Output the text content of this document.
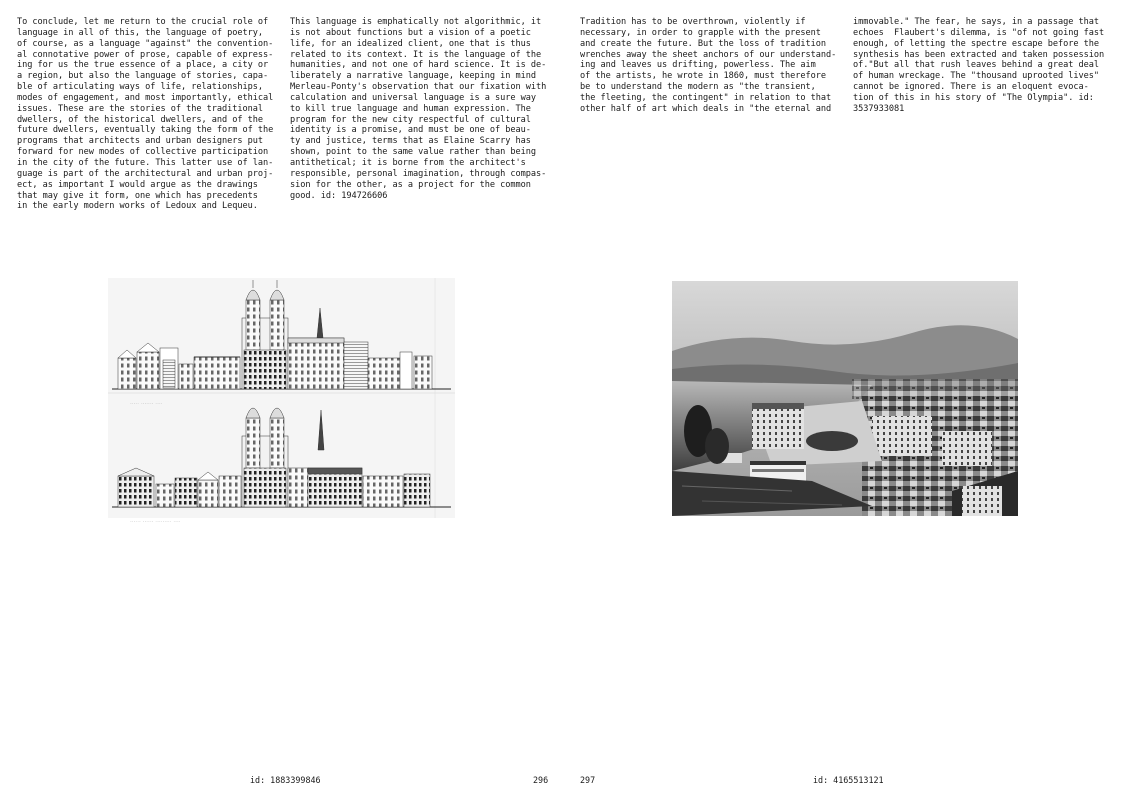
To conclude, let me return to the crucial role of
language in all of this, the language of poetry,
of course, as a language "against" the convention-
al connotative power of prose, capable of express-
ing for us the true essence of a place, a city or
a region, but also the language of stories, capa-
ble of articulating ways of life, relationships,
modes of engagement, and most importantly, ethical
issues. These are the stories of the traditional
dwellers, of the historical dwellers, and of the
future dwellers, eventually taking the form of the
programs that architects and urban designers put
forward for new modes of collective participation
in the city of the future. This latter use of lan-
guage is part of the architectural and urban proj-
ect, as important I would argue as the drawings
that may give it form, one which has precedents
in the early modern works of Ledoux and Lequeu.
This language is emphatically not algorithmic, it
is not about functions but a vision of a poetic
life, for an idealized client, one that is thus
related to its context. It is the language of the
humanities, and not one of hard science. It is de-
liberately a narrative language, keeping in mind
Merleau-Ponty's observation that our fixation with
calculation and universal language is a sure way
to kill true language and human expression. The
program for the new city respectful of cultural
identity is a promise, and must be one of beau-
ty and justice, terms that as Elaine Scarry has
shown, point to the same value rather than being
antithetical; it is borne from the architect's
responsible, personal imagination, through compas-
sion for the other, as a project for the common
good. id: 194726606
Tradition has to be overthrown, violently if
necessary, in order to grapple with the present
and create the future. But the loss of tradition
wrenches away the sheet anchors of our understand-
ing and leaves us drifting, powerless. The aim
of the artists, he wrote in 1860, must therefore
be to understand the modern as "the transient,
the fleeting, the contingent" in relation to that
other half of art which deals in "the eternal and
immovable." The fear, he says, in a passage that
echoes  Flaubert's dilemma, is "of not going fast
enough, of letting the spectre escape before the
synthesis has been extracted and taken possession
of."But all that rush leaves behind a great deal
of human wreckage. The "thousand uprooted lives"
cannot be ignored. There is an eloquent evoca-
tion of this in his story of "The Olympia". id:
3537933081
----- ------- ----
------ ------ --------- ----
id: 1883399846	296	297	id: 4165513121
